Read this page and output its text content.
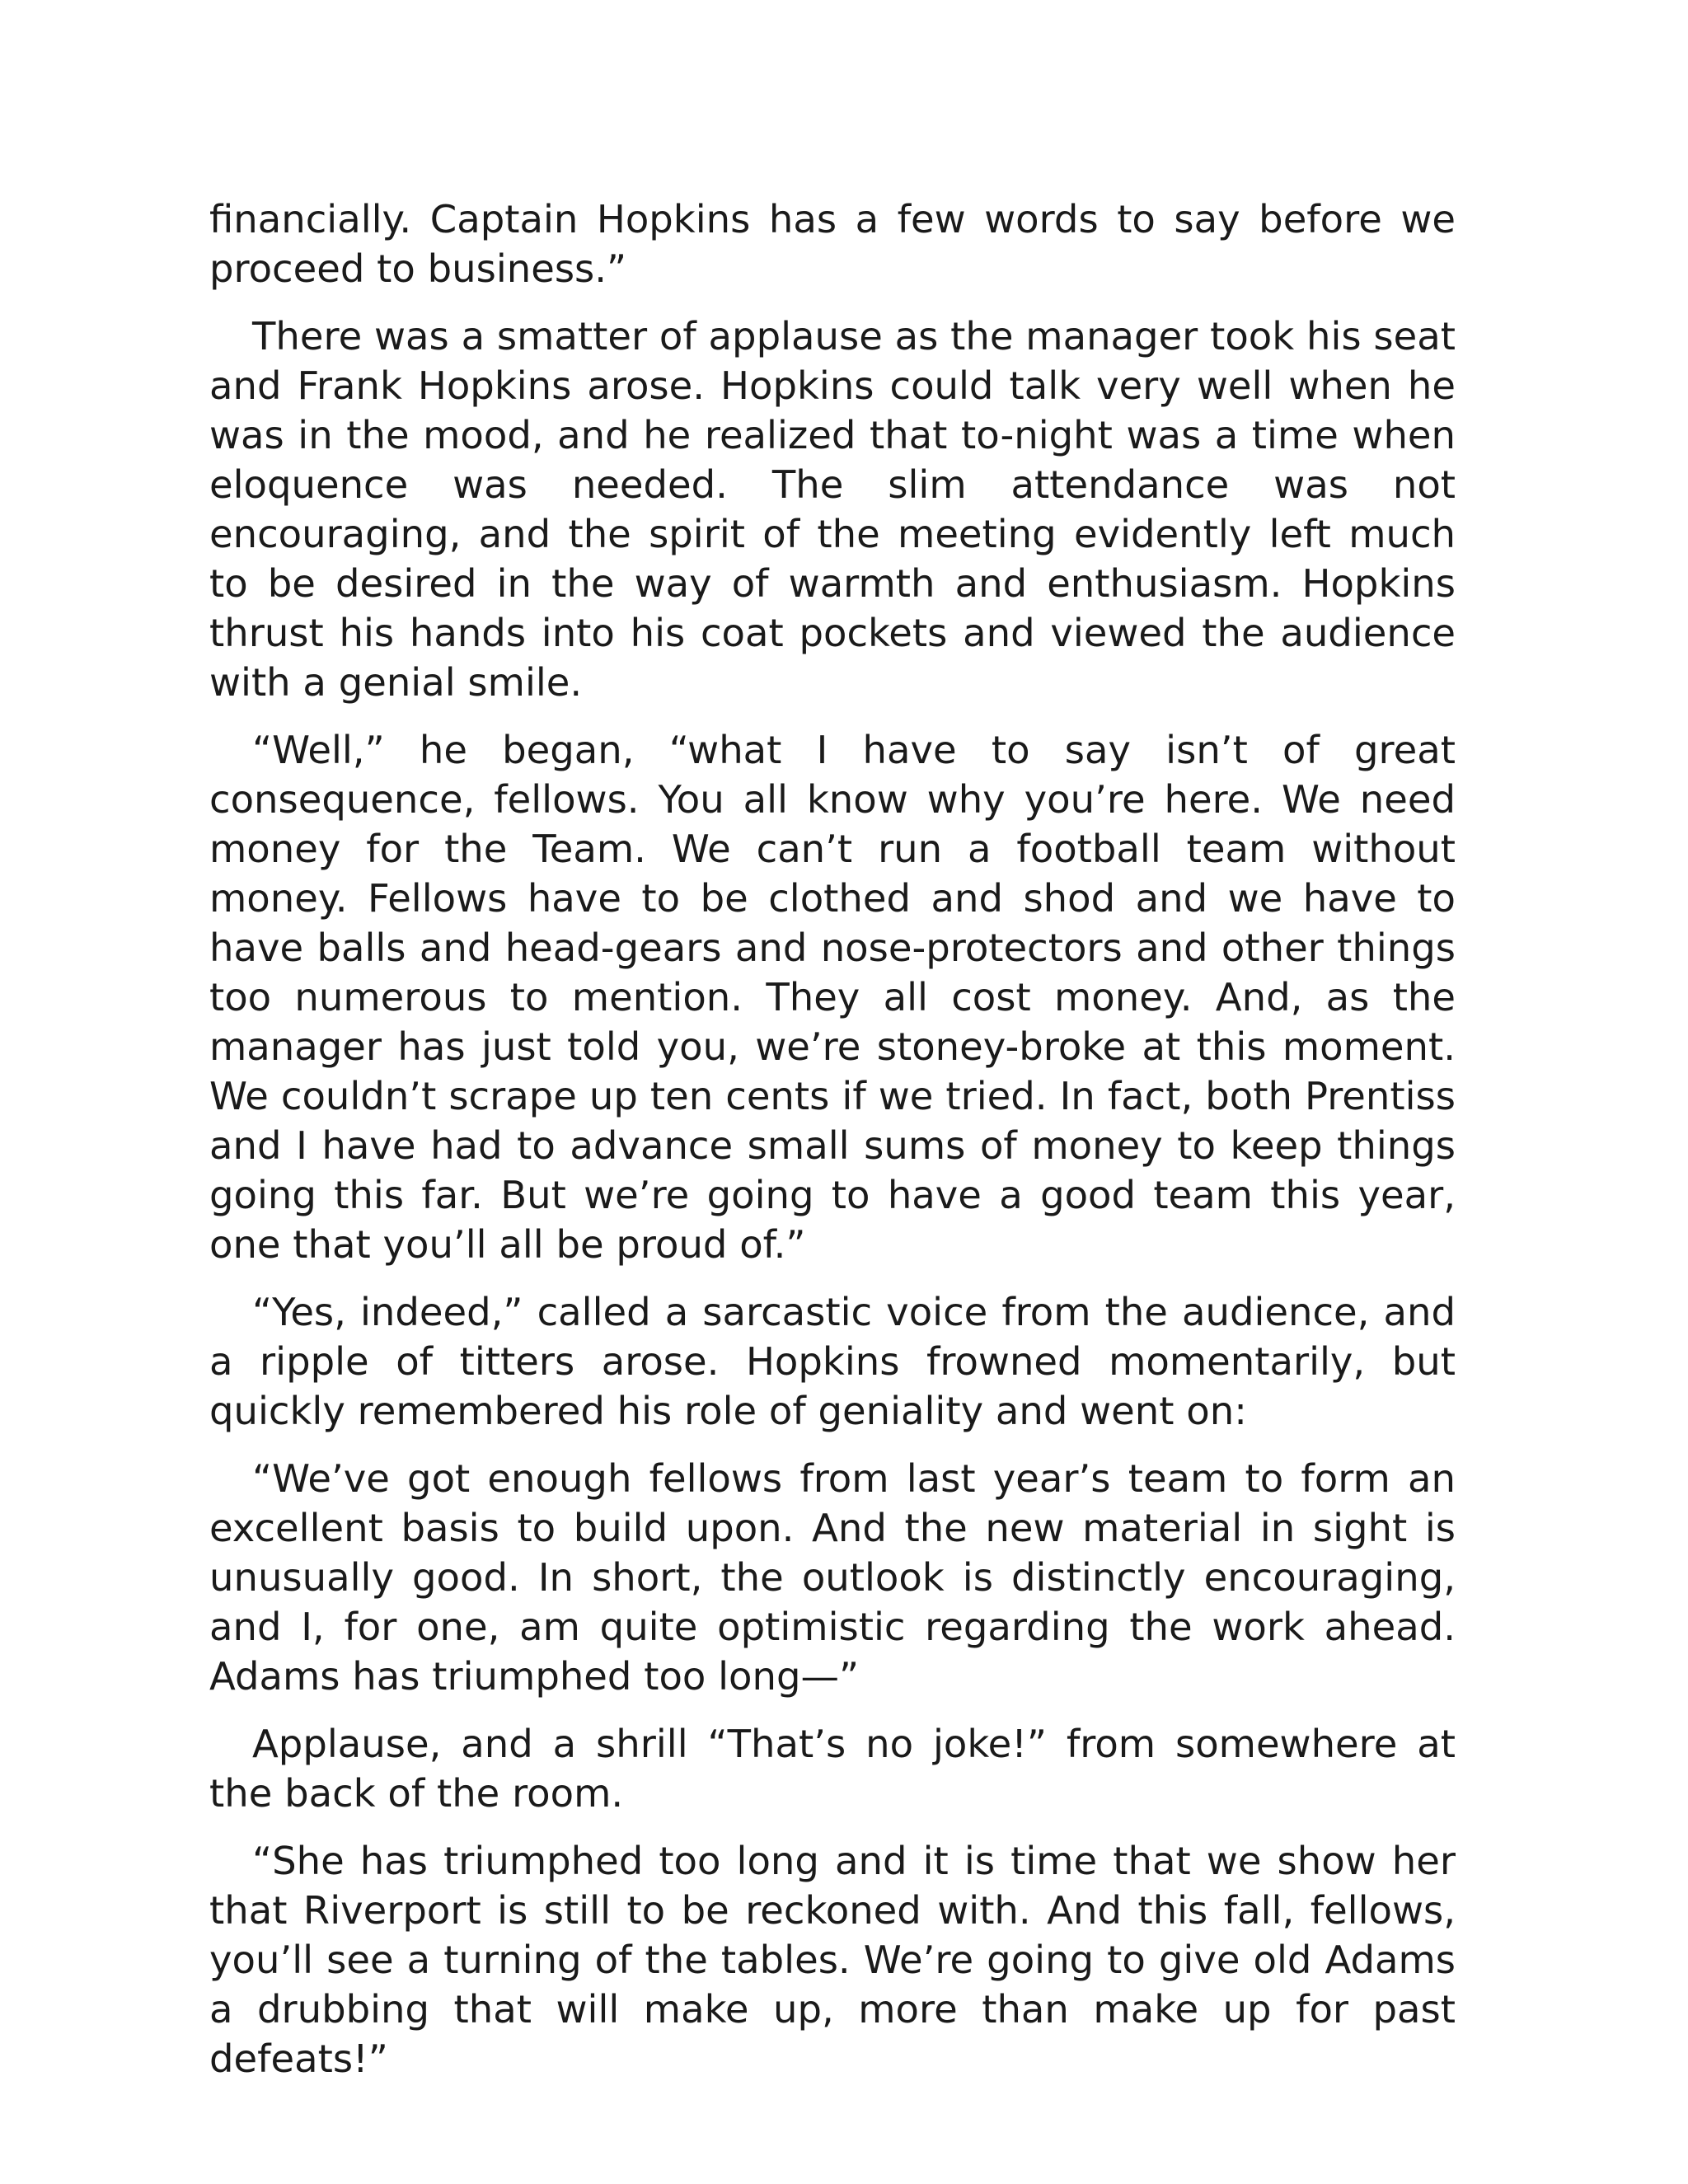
financially. Captain Hopkins has a few words to say before we proceed to business.”

There was a smatter of applause as the manager took his seat and Frank Hopkins arose. Hopkins could talk very well when he was in the mood, and he realized that to-night was a time when eloquence was needed. The slim attendance was not encouraging, and the spirit of the meeting evidently left much to be desired in the way of warmth and enthusiasm. Hopkins thrust his hands into his coat pockets and viewed the audience with a genial smile.

“Well,” he began, “what I have to say isn’t of great consequence, fellows. You all know why you’re here. We need money for the Team. We can’t run a football team without money. Fellows have to be clothed and shod and we have to have balls and head-gears and nose-protectors and other things too numerous to mention. They all cost money. And, as the manager has just told you, we’re stoney-broke at this moment. We couldn’t scrape up ten cents if we tried. In fact, both Prentiss and I have had to advance small sums of money to keep things going this far. But we’re going to have a good team this year, one that you’ll all be proud of.”

“Yes, indeed,” called a sarcastic voice from the audience, and a ripple of titters arose. Hopkins frowned momentarily, but quickly remembered his role of geniality and went on:

“We’ve got enough fellows from last year’s team to form an excellent basis to build upon. And the new material in sight is unusually good. In short, the outlook is distinctly encouraging, and I, for one, am quite optimistic regarding the work ahead. Adams has triumphed too long—”

Applause, and a shrill “That’s no joke!” from somewhere at the back of the room.

“She has triumphed too long and it is time that we show her that Riverport is still to be reckoned with. And this fall, fellows, you’ll see a turning of the tables. We’re going to give old Adams a drubbing that will make up, more than make up for past defeats!”
